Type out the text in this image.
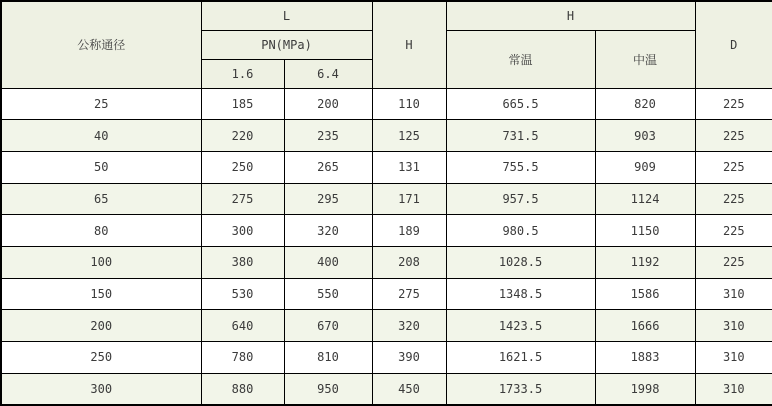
公称通径	L		H	H		D
	PN(MPa)			常温	中温	
	1.6	6.4				
25	185	200	110	665.5	820	225
40	220	235	125	731.5	903	225
50	250	265	131	755.5	909	225
65	275	295	171	957.5	1124	225
80	300	320	189	980.5	1150	225
100	380	400	208	1028.5	1192	225
150	530	550	275	1348.5	1586	310
200	640	670	320	1423.5	1666	310
250	780	810	390	1621.5	1883	310
300	880	950	450	1733.5	1998	310
